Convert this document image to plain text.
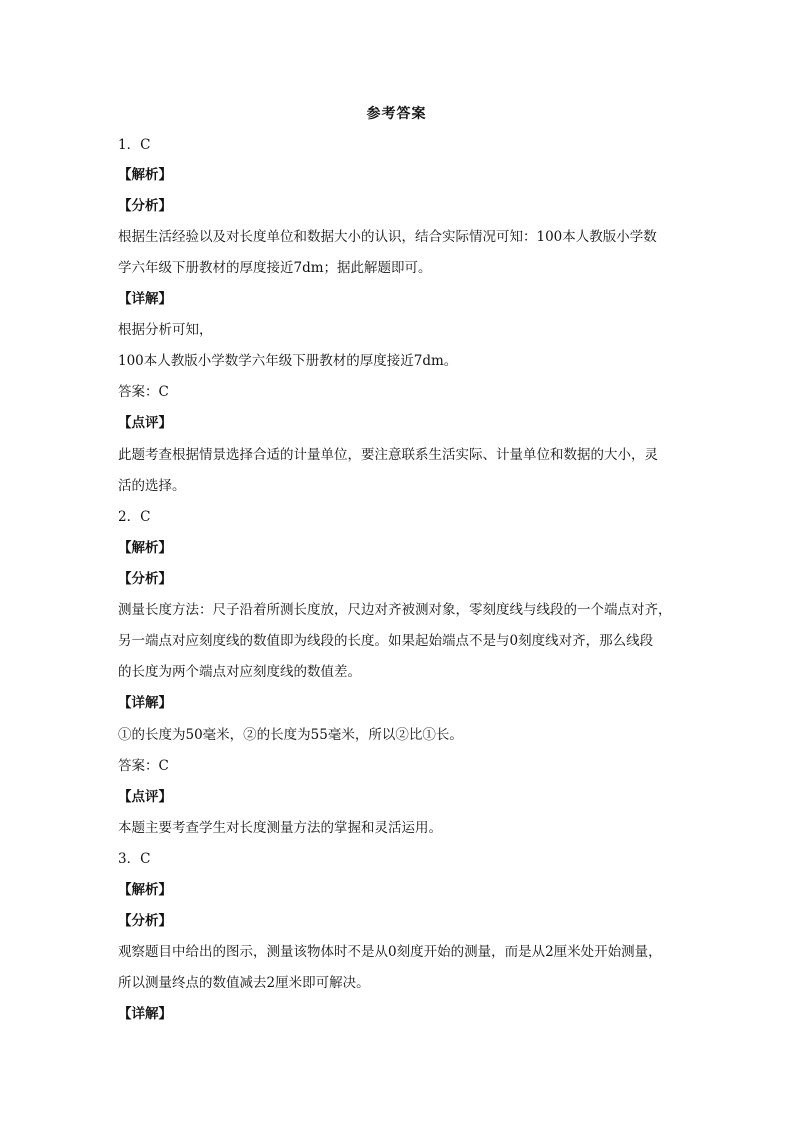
参考答案
1．C
【解析】
【分析】
根据生活经验以及对长度单位和数据大小的认识，结合实际情况可知：100本人教版小学数
学六年级下册教材的厚度接近7dm；据此解题即可。
【详解】
根据分析可知，
100本人教版小学数学六年级下册教材的厚度接近7dm。
答案：C
【点评】
此题考查根据情景选择合适的计量单位，要注意联系生活实际、计量单位和数据的大小，灵
活的选择。
2．C
【解析】
【分析】
测量长度方法：尺子沿着所测长度放，尺边对齐被测对象，零刻度线与线段的一个端点对齐，
另一端点对应刻度线的数值即为线段的长度。如果起始端点不是与0刻度线对齐，那么线段
的长度为两个端点对应刻度线的数值差。
【详解】
①的长度为50毫米，②的长度为55毫米，所以②比①长。
答案：C
【点评】
本题主要考查学生对长度测量方法的掌握和灵活运用。
3．C
【解析】
【分析】
观察题目中给出的图示，测量该物体时不是从0刻度开始的测量，而是从2厘米处开始测量，
所以测量终点的数值减去2厘米即可解决。
【详解】
